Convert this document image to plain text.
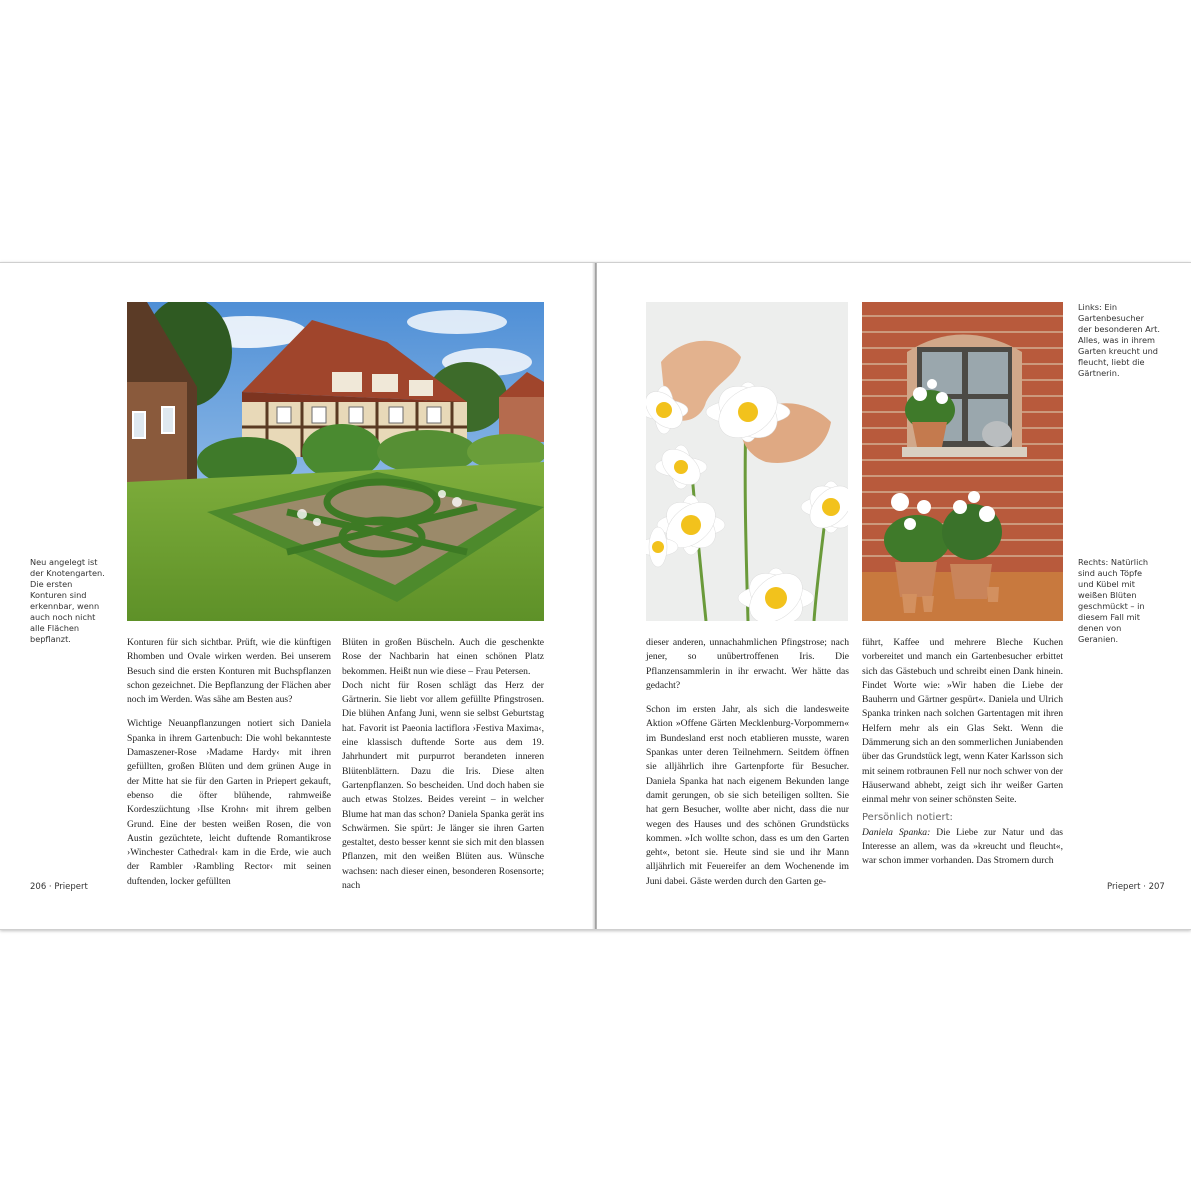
Neu angelegt ist der Knotengarten. Die ersten Konturen sind erkennbar, wenn auch noch nicht alle Flächen bepflanzt.	Konturen für sich sichtbar. Prüft, wie die künftigen Rhomben und Ovale wirken werden. Bei unserem Besuch sind die ersten Konturen mit Buchspflanzen schon gezeichnet. Die Bepflanzung der Flächen aber noch im Werden. Was sähe am Besten aus?

Wichtige Neuanpflanzungen notiert sich Daniela Spanka in ihrem Gartenbuch: Die wohl bekannteste Damaszener-Rose ›Madame Hardy‹ mit ihren gefüllten, großen Blüten und dem grünen Auge in der Mitte hat sie für den Garten in Priepert gekauft, ebenso die öfter blühende, rahmweiße Kordeszüchtung ›Ilse Krohn‹ mit ihrem gelben Grund. Eine der besten weißen Rosen, die von Austin gezüchtete, leicht duftende Romantikrose ›Winchester Cathedral‹ kam in die Erde, wie auch der Rambler ›Rambling Rector‹ mit seinen duftenden, locker gefüllten

Blüten in großen Büscheln. Auch die geschenkte Rose der Nachbarin hat einen schönen Platz bekommen. Heißt nun wie diese – Frau Petersen.

Doch nicht für Rosen schlägt das Herz der Gärtnerin. Sie liebt vor allem gefüllte Pfingstrosen. Die blühen Anfang Juni, wenn sie selbst Geburtstag hat. Favorit ist Paeonia lactiflora ›Festiva Maxima‹, eine klassisch duftende Sorte aus dem 19. Jahrhundert mit purpurrot berandeten inneren Blütenblättern. Dazu die Iris. Diese alten Gartenpflanzen. So bescheiden. Und doch haben sie auch etwas Stolzes. Beides vereint – in welcher Blume hat man das schon? Daniela Spanka gerät ins Schwärmen. Sie spürt: Je länger sie ihren Garten gestaltet, desto besser kennt sie sich mit den blassen Pflanzen, mit den weißen Blüten aus. Wünsche wachsen: nach dieser einen, besonderen Rosensorte; nach

206 · Priepert
Links: Ein Gartenbesucher der besonderen Art. Alles, was in ihrem Garten kreucht und fleucht, liebt die Gärtnerin.
Rechts: Natürlich sind auch Töpfe und Kübel mit weißen Blüten geschmückt – in diesem Fall mit denen von Geranien.

dieser anderen, unnachahmlichen Pfingstrose; nach jener, so unübertroffenen Iris. Die Pflanzensammlerin in ihr erwacht. Wer hätte das gedacht?

Schon im ersten Jahr, als sich die landesweite Aktion »Offene Gärten Mecklenburg-Vorpommern« im Bundesland erst noch etablieren musste, waren Spankas unter deren Teilnehmern. Seitdem öffnen sie alljährlich ihre Gartenpforte für Besucher. Daniela Spanka hat nach eigenem Bekunden lange damit gerungen, ob sie sich beteiligen sollten. Sie hat gern Besucher, wollte aber nicht, dass die nur wegen des Hauses und des schönen Grundstücks kommen. »Ich wollte schon, dass es um den Garten geht«, betont sie. Heute sind sie und ihr Mann alljährlich mit Feuereifer an dem Wochenende im Juni dabei. Gäste werden durch den Garten ge-

führt, Kaffee und mehrere Bleche Kuchen vorbereitet und manch ein Gartenbesucher erbittet sich das Gästebuch und schreibt einen Dank hinein. Findet Worte wie: »Wir haben die Liebe der Bauherrn und Gärtner gespürt«. Daniela und Ulrich Spanka trinken nach solchen Gartentagen mit ihren Helfern mehr als ein Glas Sekt. Wenn die Dämmerung sich an den sommerlichen Juniabenden über das Grundstück legt, wenn Kater Karlsson sich mit seinem rotbraunen Fell nur noch schwer von der Häuserwand abhebt, zeigt sich ihr weißer Garten einmal mehr von seiner schönsten Seite.

Persönlich notiert:

Daniela Spanka: Die Liebe zur Natur und das Interesse an allem, was da »kreucht und fleucht«, war schon immer vorhanden. Das Stromern durch

Priepert · 207
